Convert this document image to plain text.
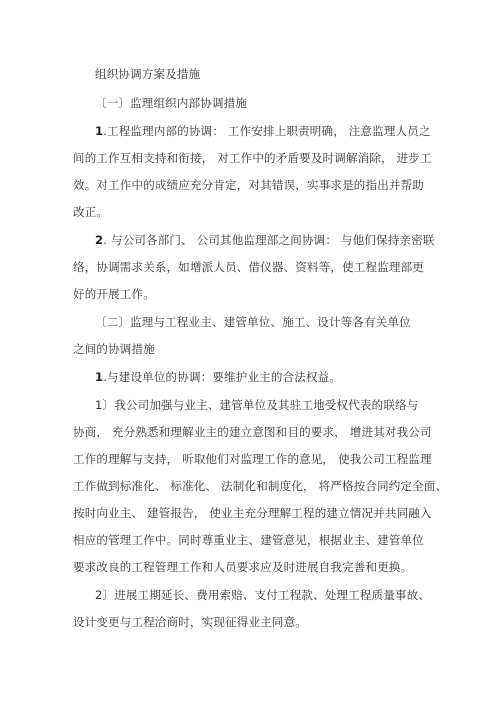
组织协调方案及措施
〔一〕监理组织内部协调措施
1.工程监理内部的协调： 工作安排上职责明确， 注意监理人员之
间的工作互相支持和衔接， 对工作中的矛盾要及时调解消除， 进步工
效。对工作中的成绩应充分肯定，对其错误，实事求是的指出并帮助
改正。
2. 与公司各部门、 公司其他监理部之间协调： 与他们保持亲密联
络，协调需求关系，如增派人员、借仪器、资料等，使工程监理部更
好的开展工作。
〔二〕监理与工程业主、建管单位、施工、设计等各有关单位
之间的协调措施
1.与建设单位的协调：要维护业主的合法权益。
1〕我公司加强与业主、建管单位及其驻工地受权代表的联络与
协商， 充分熟悉和理解业主的建立意图和目的要求， 增进其对我公司
工作的理解与支持， 听取他们对监理工作的意见， 使我公司工程监理
工作做到标准化、 标准化、 法制化和制度化， 将严格按合同约定全面、
按时向业主、 建管报告， 使业主充分理解工程的建立情况并共同融入
相应的管理工作中。同时尊重业主、建管意见，根据业主、建管单位
要求改良的工程管理工作和人员要求应及时进展自我完善和更换。
2〕进展工期延长、费用索赔、支付工程款、处理工程质量事故、
设计变更与工程洽商时，实现征得业主同意。
